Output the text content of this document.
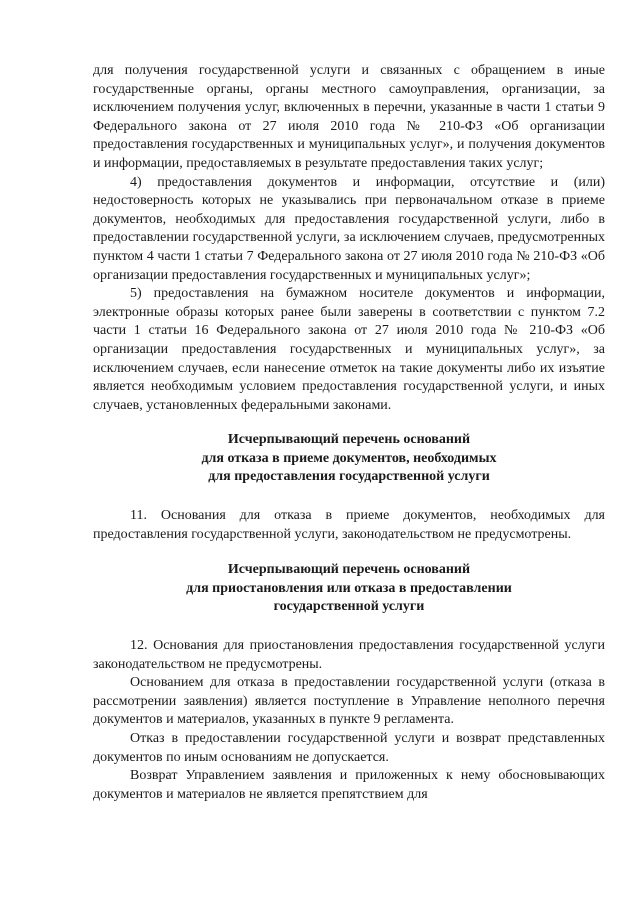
для получения государственной услуги и связанных с обращением в иные государственные органы, органы местного самоуправления, организации, за исключением получения услуг, включенных в перечни, указанные в части 1 статьи 9 Федерального закона от 27 июля 2010 года № 210-ФЗ «Об организации предоставления государственных и муниципальных услуг», и получения документов и информации, предоставляемых в результате предоставления таких услуг;

4) предоставления документов и информации, отсутствие и (или) недостоверность которых не указывались при первоначальном отказе в приеме документов, необходимых для предоставления государственной услуги, либо в предоставлении государственной услуги, за исключением случаев, предусмотренных пунктом 4 части 1 статьи 7 Федерального закона от 27 июля 2010 года № 210-ФЗ «Об организации предоставления государственных и муниципальных услуг»;

5) предоставления на бумажном носителе документов и информации, электронные образы которых ранее были заверены в соответствии с пунктом 7.2 части 1 статьи 16 Федерального закона от 27 июля 2010 года № 210-ФЗ «Об организации предоставления государственных и муниципальных услуг», за исключением случаев, если нанесение отметок на такие документы либо их изъятие является необходимым условием предоставления государственной услуги, и иных случаев, установленных федеральными законами.

Исчерпывающий перечень оснований
для отказа в приеме документов, необходимых
для предоставления государственной услуги

11. Основания для отказа в приеме документов, необходимых для предоставления государственной услуги, законодательством не предусмотрены.

Исчерпывающий перечень оснований
для приостановления или отказа в предоставлении
государственной услуги

12. Основания для приостановления предоставления государственной услуги законодательством не предусмотрены.

Основанием для отказа в предоставлении государственной услуги (отказа в рассмотрении заявления) является поступление в Управление неполного перечня документов и материалов, указанных в пункте 9 регламента.

Отказ в предоставлении государственной услуги и возврат представленных документов по иным основаниям не допускается.

Возврат Управлением заявления и приложенных к нему обосновывающих документов и материалов не является препятствием для
